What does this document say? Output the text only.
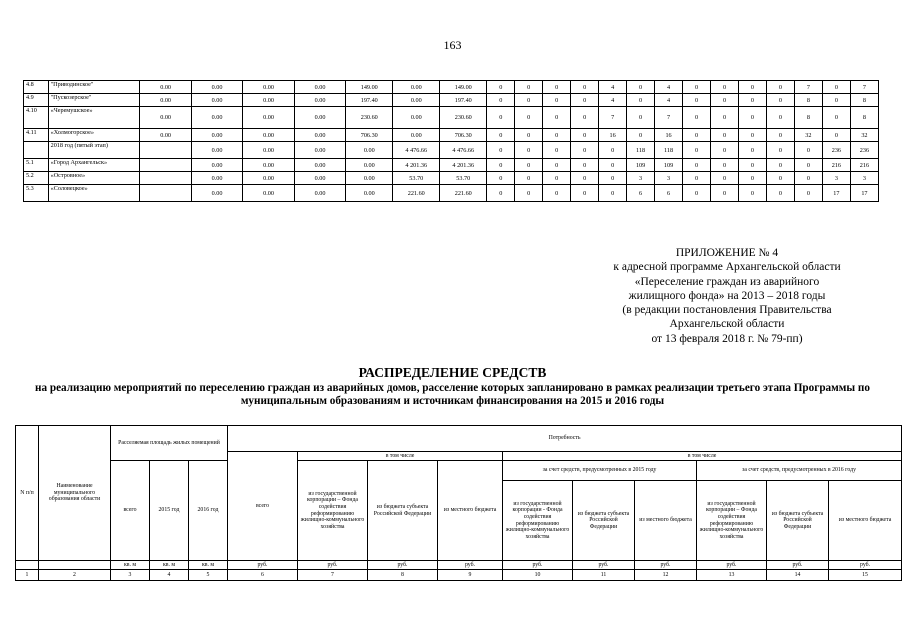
163
4.8	"Приводинское"	0.00	0.00	0.00	0.00	149.00	0.00	149.00	0	0	0	0	4	0	4	0	0	0	0	7	0	7
4.9	"Пускозерское"	0.00	0.00	0.00	0.00	197.40	0.00	197.40	0	0	0	0	4	0	4	0	0	0	0	8	0	8
4.10	«Черемушское»	0.00	0.00	0.00	0.00	230.60	0.00	230.60	0	0	0	0	7	0	7	0	0	0	0	8	0	8
4.11	«Холмогорское»	0.00	0.00	0.00	0.00	706.30	0.00	706.30	0	0	0	0	16	0	16	0	0	0	0	32	0	32
	2018 год (пятый этап)		0.00	0.00	0.00	0.00	4 476.66	4 476.66	0	0	0	0	0	118	118	0	0	0	0	0	236	236
5.1	«Город Архангельск»		0.00	0.00	0.00	0.00	4 201.36	4 201.36	0	0	0	0	0	109	109	0	0	0	0	0	216	216
5.2	«Островное»		0.00	0.00	0.00	0.00	53.70	53.70	0	0	0	0	0	3	3	0	0	0	0	0	3	3
5.3	«Соловецкое»		0.00	0.00	0.00	0.00	221.60	221.60	0	0	0	0	0	6	6	0	0	0	0	0	17	17
ПРИЛОЖЕНИЕ № 4
к адресной программе Архангельской области
«Переселение граждан из аварийного
жилищного фонда» на 2013 – 2018 годы
(в редакции постановления Правительства
Архангельской области
от 13 февраля 2018 г. № 79-пп)
РАСПРЕДЕЛЕНИЕ СРЕДСТВ
на реализацию мероприятий по переселению граждан из аварийных домов, расселение которых запланировано в рамках реализации третьего этапа Программы по муниципальным образованиям и источникам финансирования на 2015 и 2016 годы
N п/п	Наименование муниципального образования области	Расселяемая площадь жилых помещений			Потребность									
					всего	в том числе			в том числе					
		всего	2015 год	2016 год		из государственной корпорации – Фонда содействия реформированию жилищно-коммунального хозяйства	из бюджета субъекта Российской Федерации	из местного бюджета	за счет средств, предусмотренных в 2015 году			за счет средств, предусмотренных в 2016 году		
									из государственной корпорации - Фонда содействия реформированию жилищно-коммунального хозяйства	из бюджета субъекта Российской Федерации	из местного бюджета	из государственной корпорации – Фонда содействия реформированию жилищно-коммунального хозяйства	из бюджета субъекта Российской Федерации	из местного бюджета
		кв. м	кв. м	кв. м	руб.	руб.	руб.	руб.	руб.	руб.	руб.	руб.	руб.	руб.
1	2	3	4	5	6	7	8	9	10	11	12	13	14	15
